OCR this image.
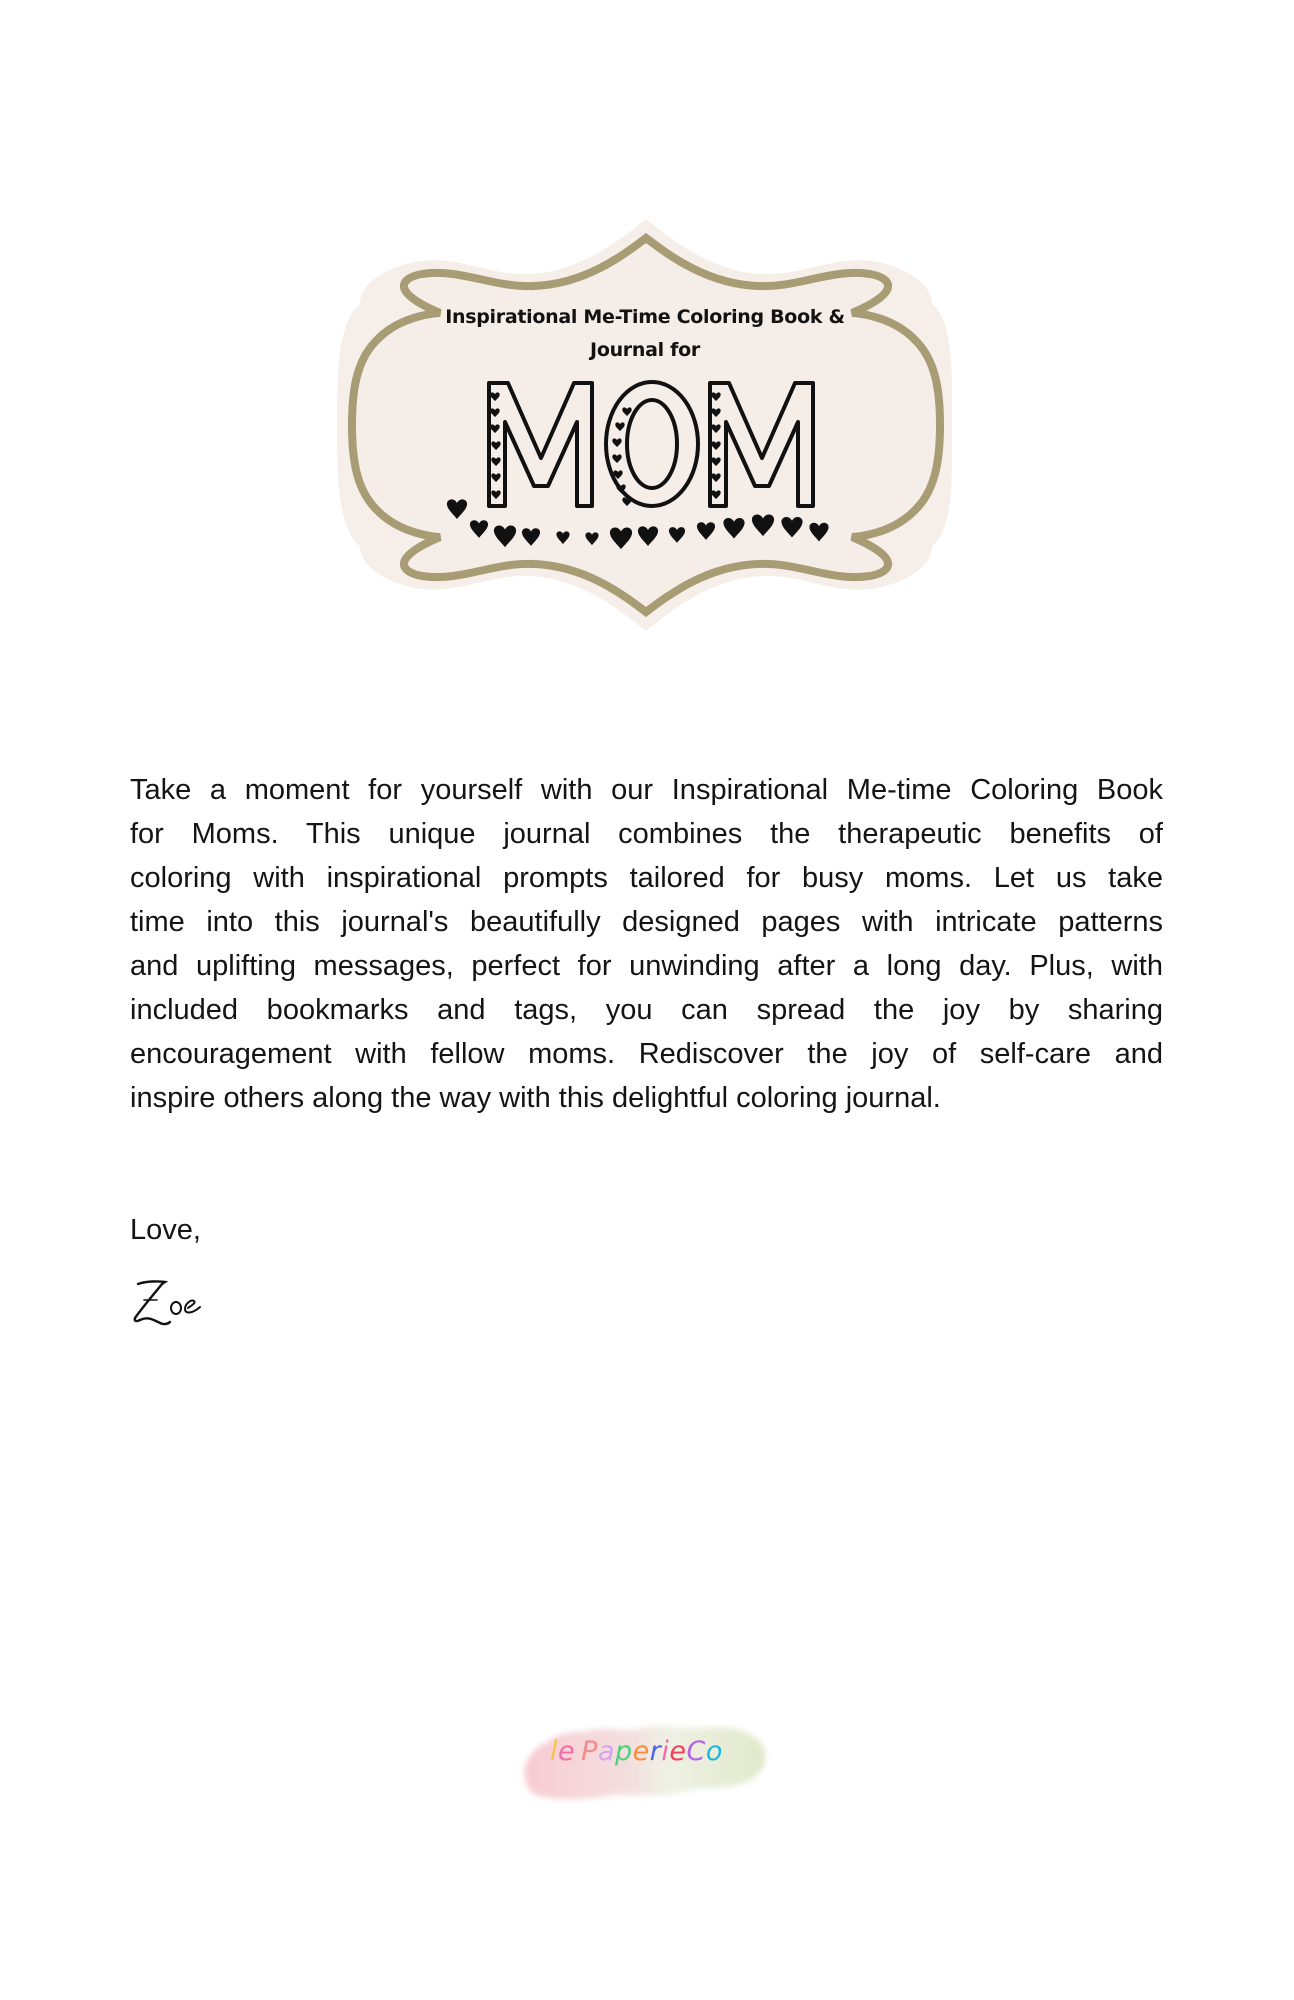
Inspirational Me-Time Coloring Book &
Journal for
Take a moment for yourself with our Inspirational Me-time Coloring Book
for Moms. This unique journal combines the therapeutic benefits of
coloring with inspirational prompts tailored for busy moms. Let us take
time into this journal's beautifully designed pages with intricate patterns
and uplifting messages, perfect for unwinding after a long day. Plus, with
included bookmarks and tags, you can spread the joy by sharing
encouragement with fellow moms. Rediscover the joy of self-care and
inspire others along the way with this delightful coloring journal.
Love,
le PaperieCo
